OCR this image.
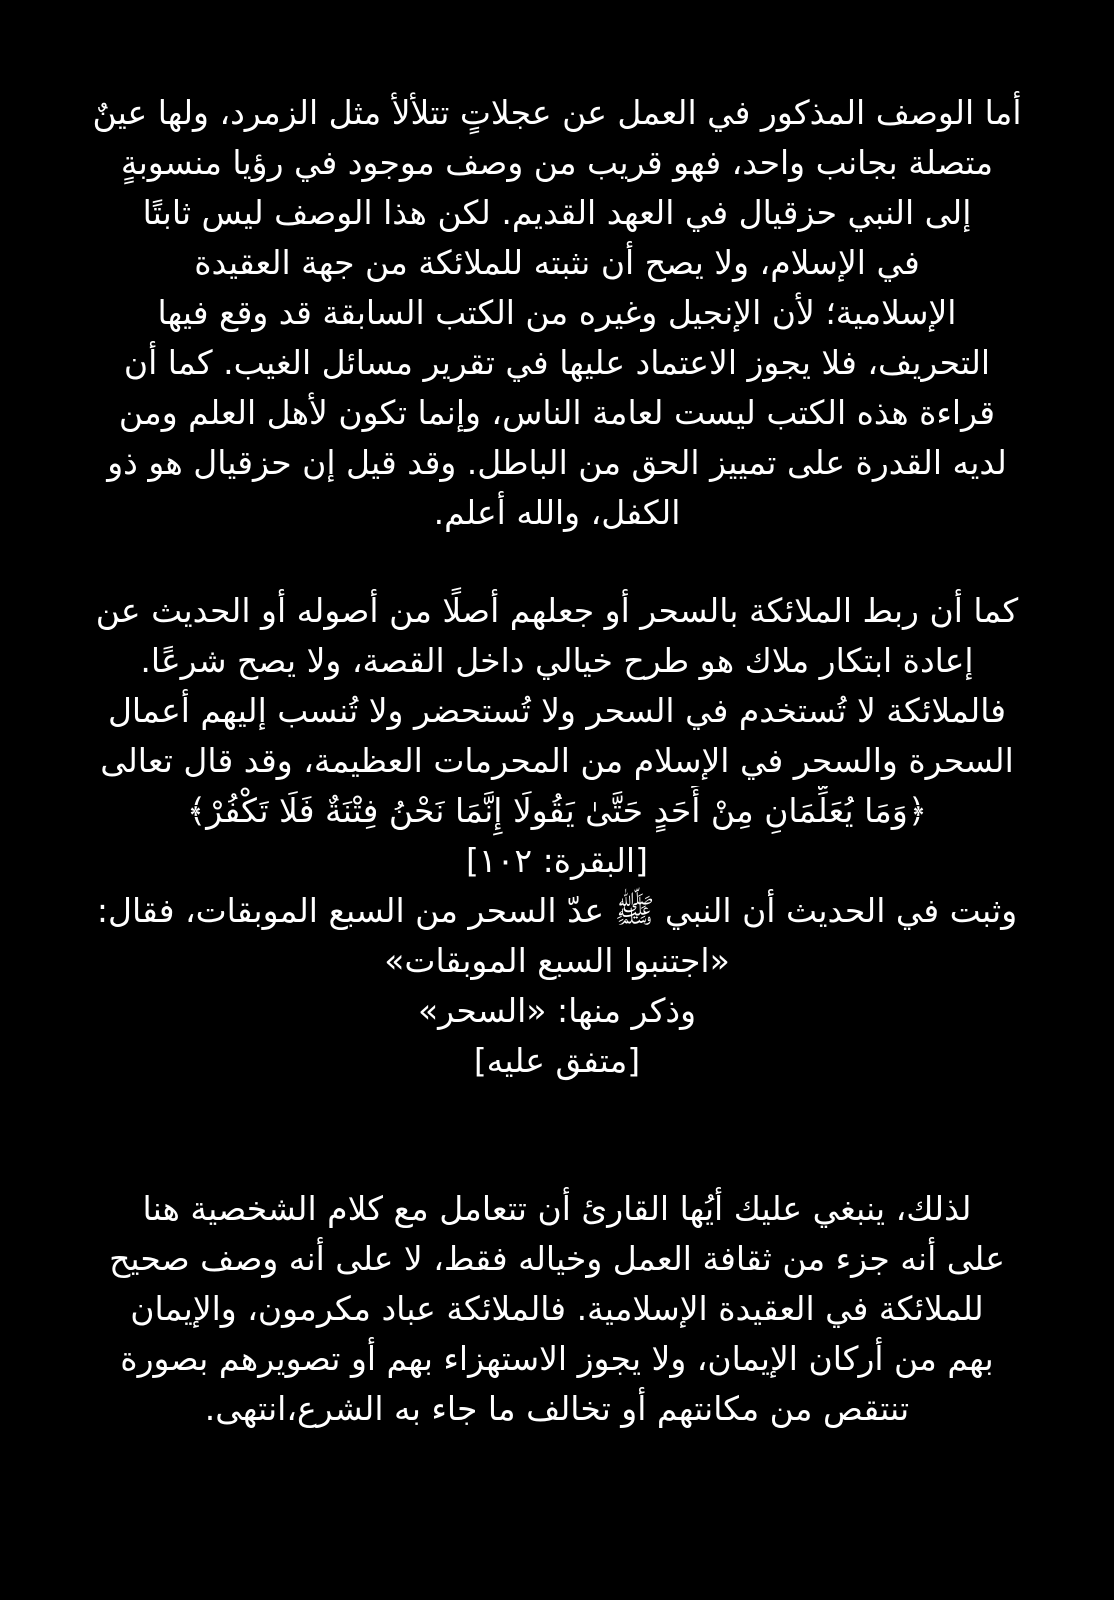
أما الوصف المذكور في العمل عن عجلاتٍ تتلألأ مثل الزمرد، ولها عينٌ
متصلة بجانب واحد، فهو قريب من وصف موجود في رؤيا منسوبةٍ
إلى النبي حزقيال في العهد القديم. لكن هذا الوصف ليس ثابتًا
في الإسلام، ولا يصح أن نثبته للملائكة من جهة العقيدة
الإسلامية؛ لأن الإنجيل وغيره من الكتب السابقة قد وقع فيها
التحريف، فلا يجوز الاعتماد عليها في تقرير مسائل الغيب. كما أن
قراءة هذه الكتب ليست لعامة الناس، وإنما تكون لأهل العلم ومن
لديه القدرة على تمييز الحق من الباطل. وقد قيل إن حزقيال هو ذو
الكفل، والله أعلم.
كما أن ربط الملائكة بالسحر أو جعلهم أصلًا من أصوله أو الحديث عن
إعادة ابتكار ملاك هو طرح خيالي داخل القصة، ولا يصح شرعًا.
فالملائكة لا تُستخدم في السحر ولا تُستحضر ولا تُنسب إليهم أعمال
السحرة والسحر في الإسلام من المحرمات العظيمة، وقد قال تعالى
﴿وَمَا يُعَلِّمَانِ مِنْ أَحَدٍ حَتَّىٰ يَقُولَا إِنَّمَا نَحْنُ فِتْنَةٌ فَلَا تَكْفُرْ﴾
[البقرة: ١٠٢]
وثبت في الحديث أن النبي ﷺ عدّ السحر من السبع الموبقات، فقال:
«اجتنبوا السبع الموبقات»
وذكر منها: «السحر»
[متفق عليه]
لذلك، ينبغي عليك أيُها القارئ أن تتعامل مع كلام الشخصية هنا
على أنه جزء من ثقافة العمل وخياله فقط، لا على أنه وصف صحيح
للملائكة في العقيدة الإسلامية. فالملائكة عباد مكرمون، والإيمان
بهم من أركان الإيمان، ولا يجوز الاستهزاء بهم أو تصويرهم بصورة
تنتقص من مكانتهم أو تخالف ما جاء به الشرع،انتهى.
